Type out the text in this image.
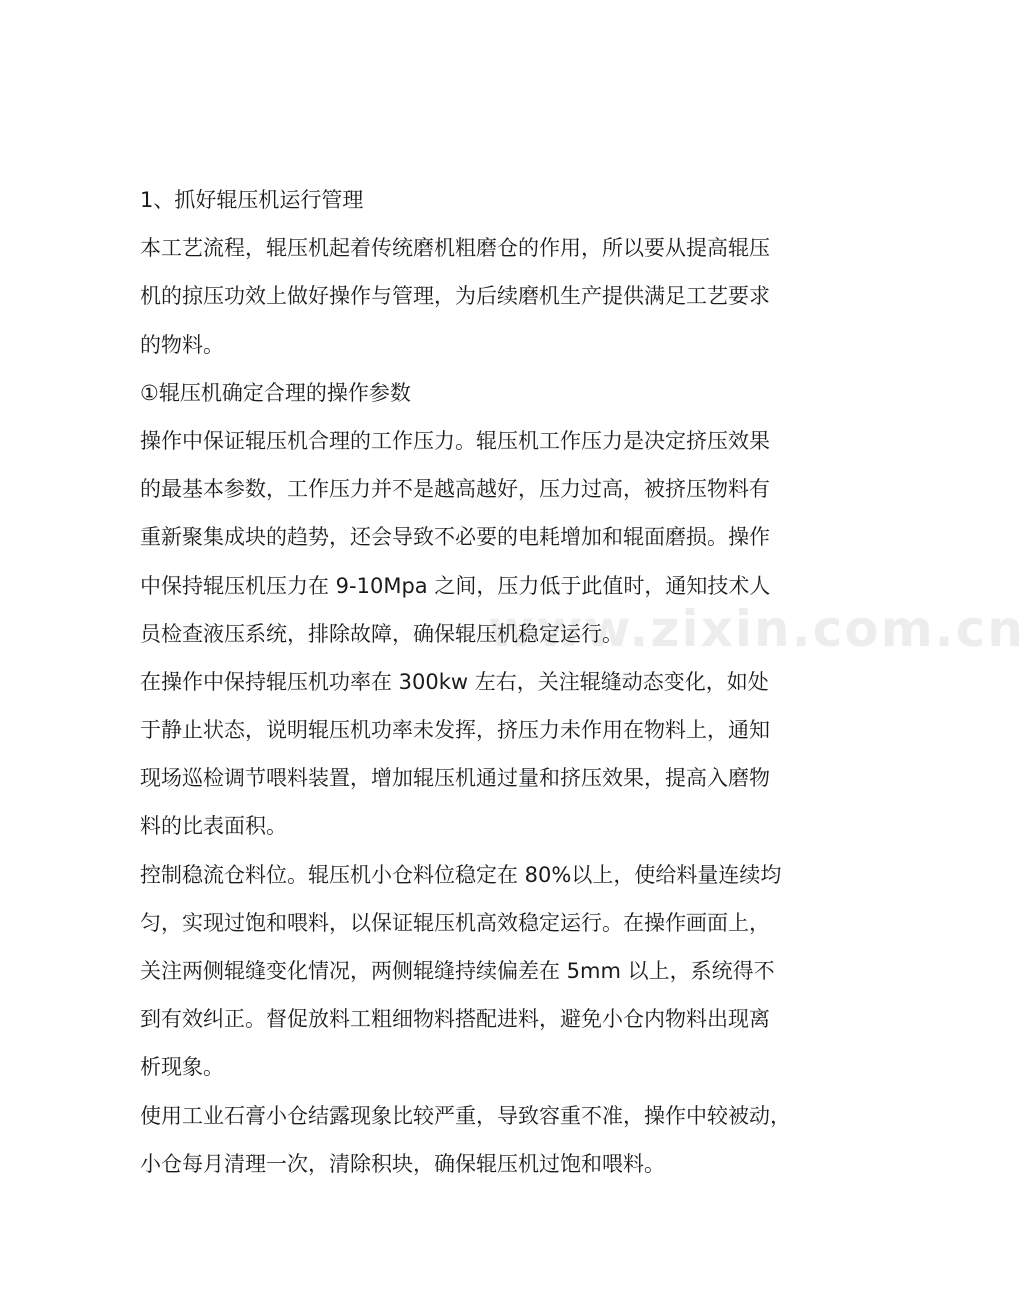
1、抓好辊压机运行管理
本工艺流程，辊压机起着传统磨机粗磨仓的作用，所以要从提高辊压
机的掠压功效上做好操作与管理，为后续磨机生产提供满足工艺要求
的物料。
①辊压机确定合理的操作参数
操作中保证辊压机合理的工作压力。辊压机工作压力是决定挤压效果
的最基本参数，工作压力并不是越高越好，压力过高，被挤压物料有
重新聚集成块的趋势，还会导致不必要的电耗增加和辊面磨损。操作
中保持辊压机压力在 9-10Mpa 之间，压力低于此值时，通知技术人
员检查液压系统，排除故障，确保辊压机稳定运行。
在操作中保持辊压机功率在 300kw 左右，关注辊缝动态变化，如处
于静止状态，说明辊压机功率未发挥，挤压力未作用在物料上，通知
现场巡检调节喂料装置，增加辊压机通过量和挤压效果，提高入磨物
料的比表面积。
控制稳流仓料位。辊压机小仓料位稳定在 80%以上，使给料量连续均
匀，实现过饱和喂料，以保证辊压机高效稳定运行。在操作画面上，
关注两侧辊缝变化情况，两侧辊缝持续偏差在 5mm 以上，系统得不
到有效纠正。督促放料工粗细物料搭配进料，避免小仓内物料出现离
析现象。
使用工业石膏小仓结露现象比较严重，导致容重不准，操作中较被动，
小仓每月清理一次，清除积块，确保辊压机过饱和喂料。
www.zixin.com.cn
